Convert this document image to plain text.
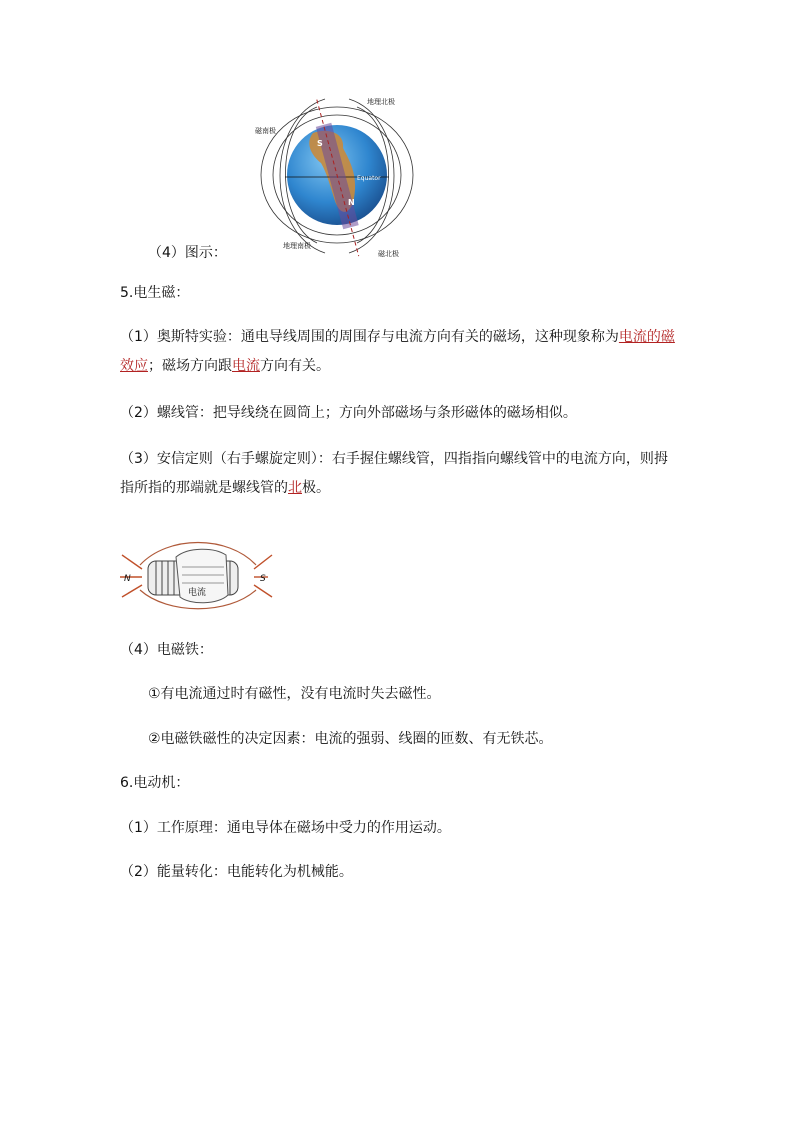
S
N
Equator
地理北极
磁南极
地理南极
磁北极
（4）图示：
5.电生磁：
（1）奥斯特实验：通电导线周围的周围存与电流方向有关的磁场，这种现象称为电流的磁
效应；磁场方向跟电流方向有关。
（2）螺线管：把导线绕在圆筒上；方向外部磁场与条形磁体的磁场相似。
（3）安信定则（右手螺旋定则）：右手握住螺线管，四指指向螺线管中的电流方向，则拇
指所指的那端就是螺线管的北极。
N	S
电流
（4）电磁铁：
①有电流通过时有磁性，没有电流时失去磁性。
②电磁铁磁性的决定因素：电流的强弱、线圈的匝数、有无铁芯。
6.电动机：
（1）工作原理：通电导体在磁场中受力的作用运动。
（2）能量转化：电能转化为机械能。
